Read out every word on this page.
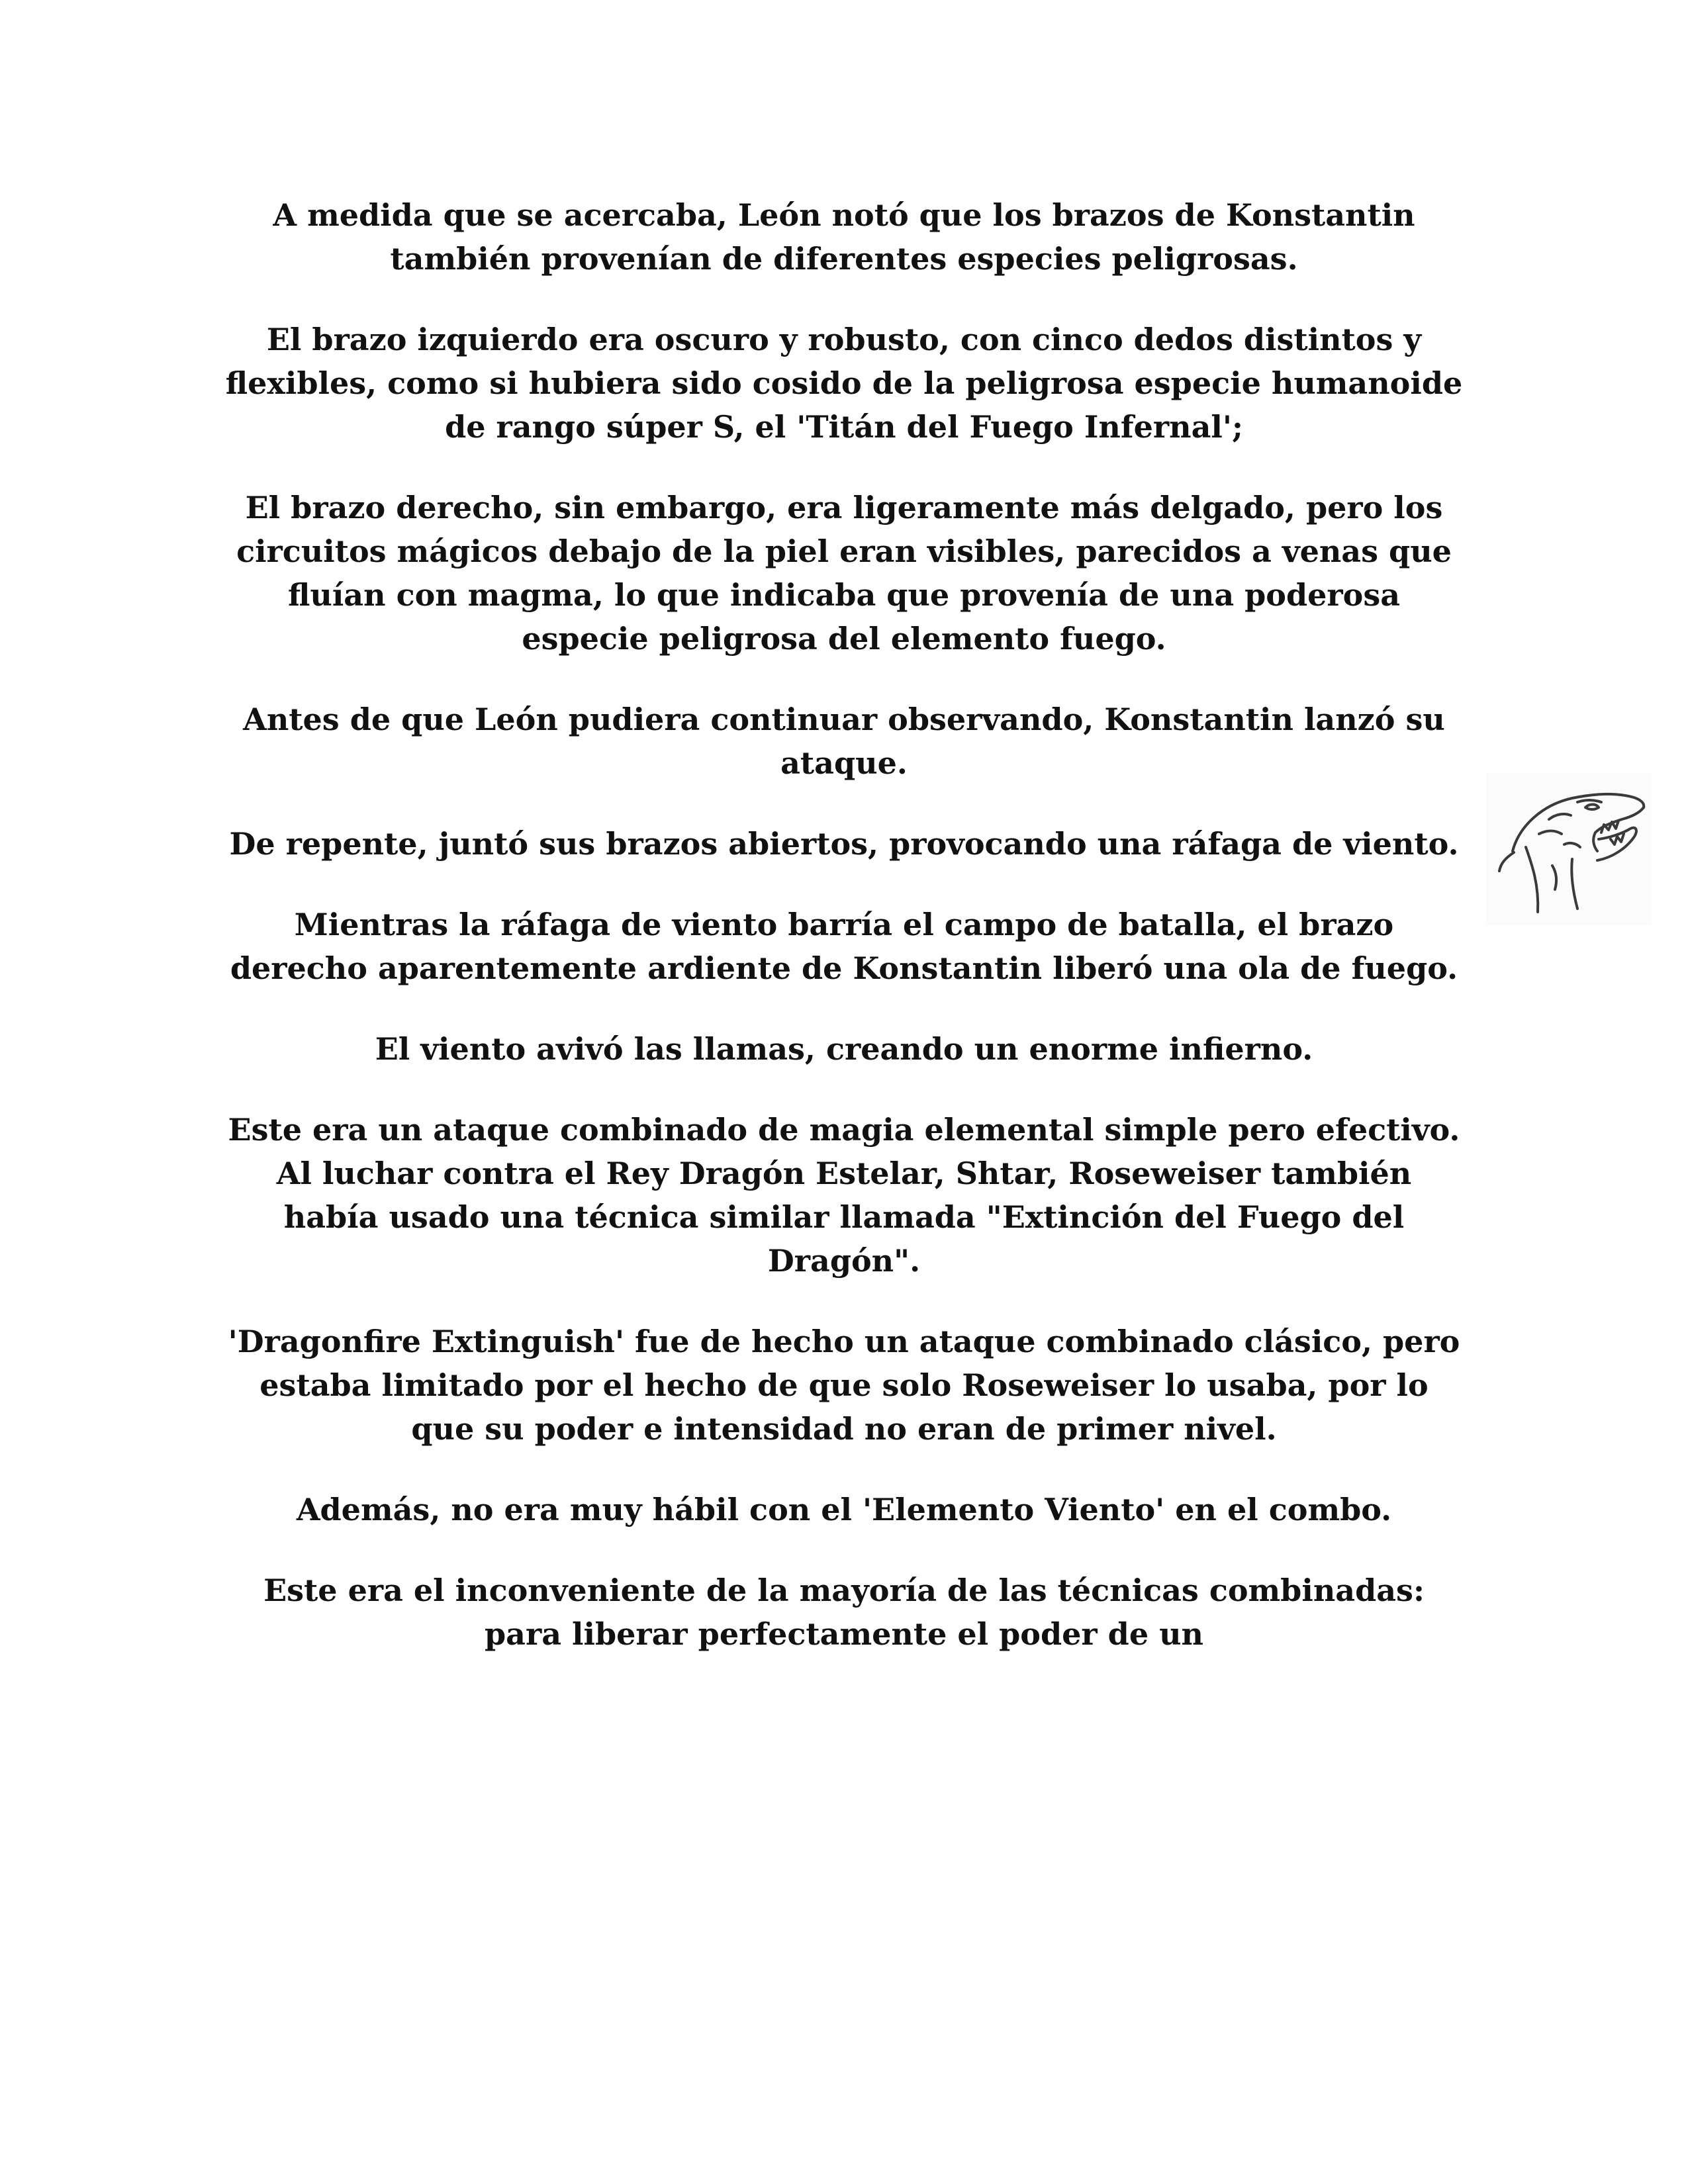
A medida que se acercaba, León notó que los brazos de Konstantin también provenían de diferentes especies peligrosas.

El brazo izquierdo era oscuro y robusto, con cinco dedos distintos y flexibles, como si hubiera sido cosido de la peligrosa especie humanoide de rango súper S, el 'Titán del Fuego Infernal';

El brazo derecho, sin embargo, era ligeramente más delgado, pero los circuitos mágicos debajo de la piel eran visibles, parecidos a venas que fluían con magma, lo que indicaba que provenía de una poderosa especie peligrosa del elemento fuego.

Antes de que León pudiera continuar observando, Konstantin lanzó su ataque.

De repente, juntó sus brazos abiertos, provocando una ráfaga de viento.

Mientras la ráfaga de viento barría el campo de batalla, el brazo derecho aparentemente ardiente de Konstantin liberó una ola de fuego.

El viento avivó las llamas, creando un enorme infierno.

Este era un ataque combinado de magia elemental simple pero efectivo. Al luchar contra el Rey Dragón Estelar, Shtar, Roseweiser también había usado una técnica similar llamada "Extinción del Fuego del Dragón".

'Dragonfire Extinguish' fue de hecho un ataque combinado clásico, pero estaba limitado por el hecho de que solo Roseweiser lo usaba, por lo que su poder e intensidad no eran de primer nivel.

Además, no era muy hábil con el 'Elemento Viento' en el combo.

Este era el inconveniente de la mayoría de las técnicas combinadas: para liberar perfectamente el poder de un
